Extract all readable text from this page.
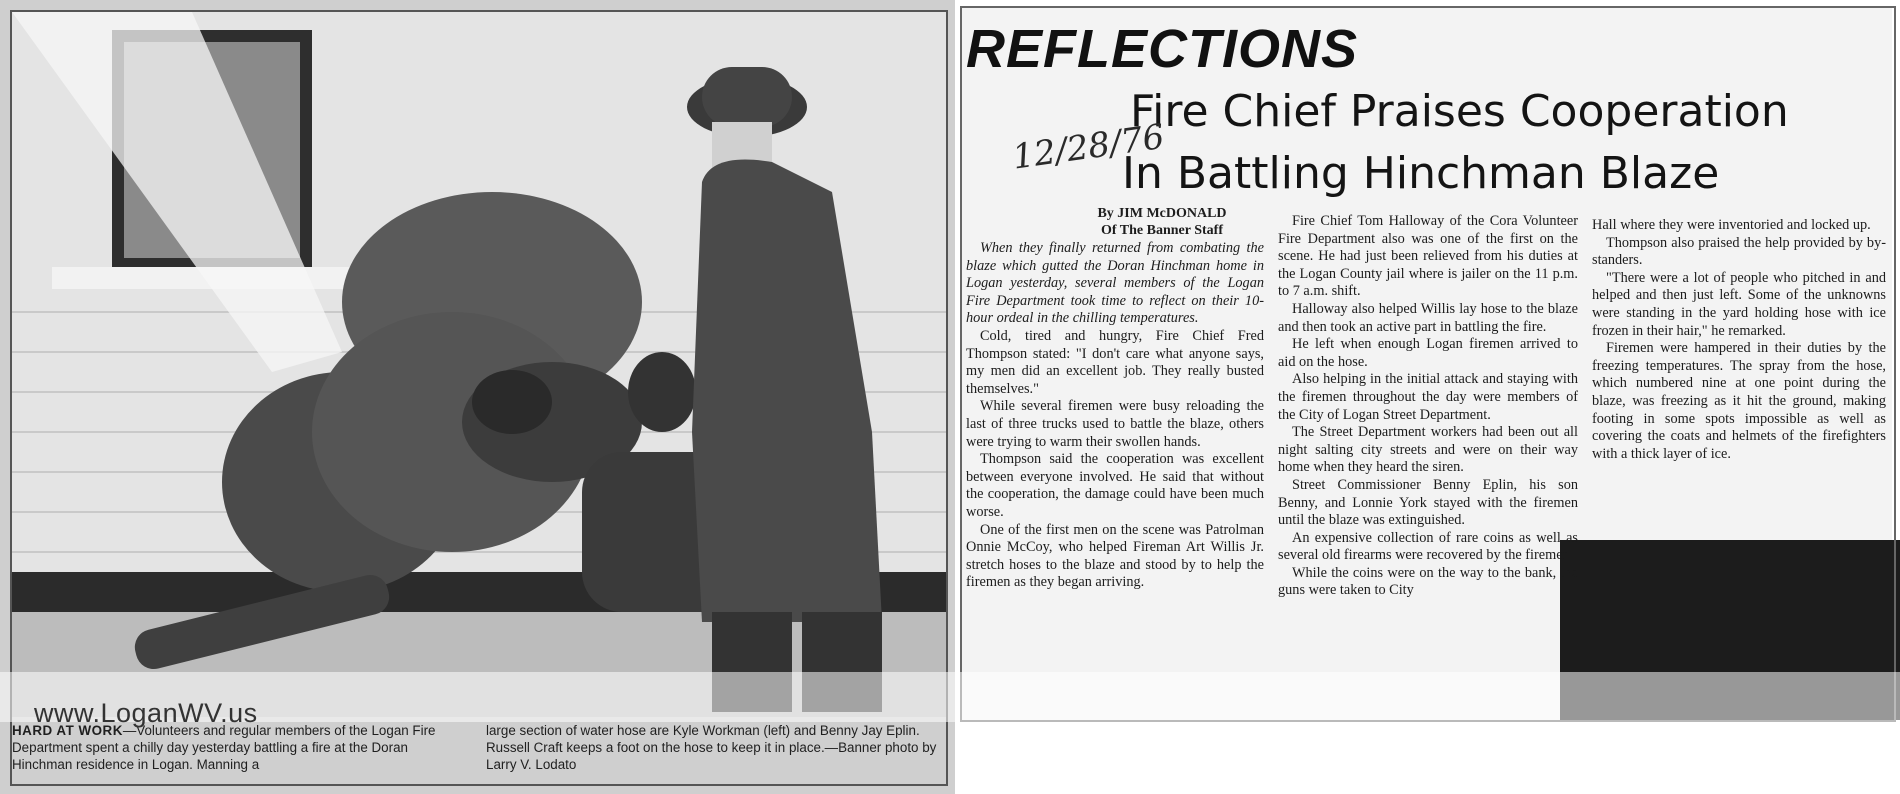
HARD AT WORK—Volunteers and regular members of the Logan Fire Department spent a chilly day yesterday battling a fire at the Doran Hinchman residence in Logan. Manning a
large section of water hose are Kyle Workman (left) and Benny Jay Eplin. Russell Craft keeps a foot on the hose to keep it in place.—Banner photo by Larry V. Lodato
REFLECTIONS
Fire Chief Praises Cooperation
12/28/76
In Battling Hinchman Blaze
By JIM McDONALD
Of The Banner Staff

When they finally returned from combating the blaze which gutted the Doran Hinchman home in Logan yesterday, several members of the Logan Fire Department took time to reflect on their 10-hour ordeal in the chilling temperatures.

Cold, tired and hungry, Fire Chief Fred Thompson stated: "I don't care what anyone says, my men did an excellent job. They really busted themselves."

While several firemen were busy reloading the last of three trucks used to battle the blaze, others were trying to warm their swollen hands.

Thompson said the cooperation was excellent between everyone involved. He said that without the cooperation, the damage could have been much worse.

One of the first men on the scene was Patrolman Onnie McCoy, who helped Fireman Art Willis Jr. stretch hoses to the blaze and stood by to help the firemen as they began arriving.

Fire Chief Tom Halloway of the Cora Volunteer Fire Department also was one of the first on the scene. He had just been relieved from his duties at the Logan County jail where is jailer on the 11 p.m. to 7 a.m. shift.

Halloway also helped Willis lay hose to the blaze and then took an active part in battling the fire.

He left when enough Logan firemen arrived to aid on the hose.

Also helping in the initial attack and staying with the firemen throughout the day were members of the City of Logan Street Department.

The Street Department workers had been out all night salting city streets and were on their way home when they heard the siren.

Street Commissioner Benny Eplin, his son Benny, and Lonnie York stayed with the firemen until the blaze was extinguished.

An expensive collection of rare coins as well as several old firearms were recovered by the firemen.

While the coins were on the way to the bank, the guns were taken to City

Hall where they were inventoried and locked up.

Thompson also praised the help provided by by-standers.

"There were a lot of people who pitched in and helped and then just left. Some of the unknowns were standing in the yard holding hose with ice frozen in their hair," he remarked.

Firemen were hampered in their duties by the freezing temperatures. The spray from the hose, which numbered nine at one point during the blaze, was freezing as it hit the ground, making footing in some spots impossible as well as covering the coats and helmets of the firefighters with a thick layer of ice.

www.LoganWV.us
